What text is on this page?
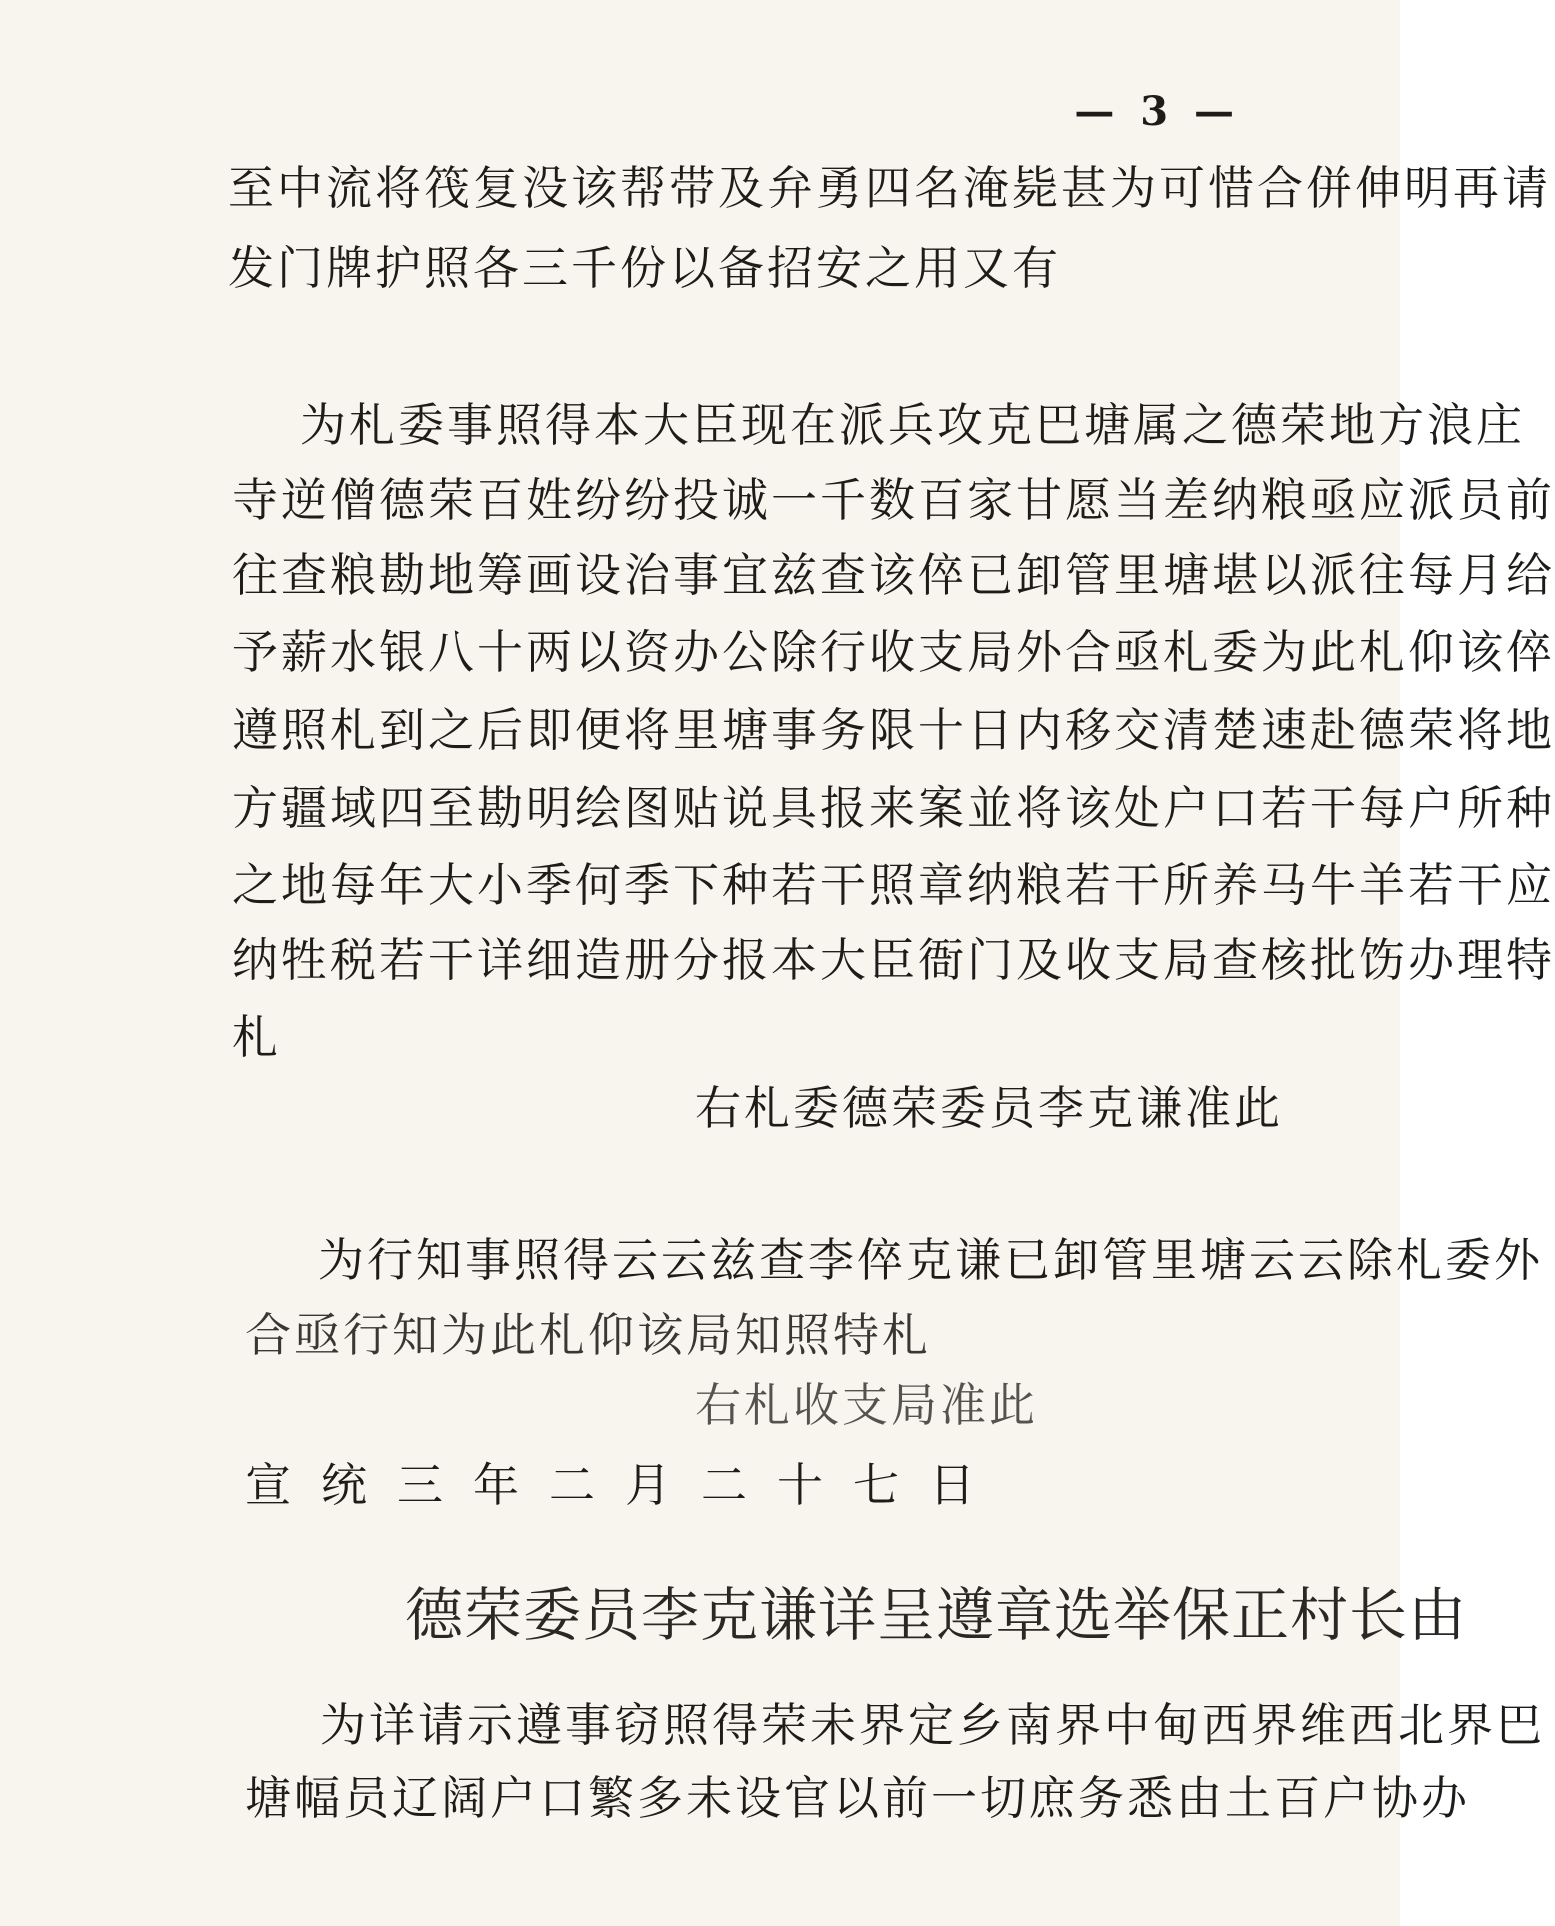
— 3 —
至中流将筏复没该帮带及弁勇四名淹毙甚为可惜合併伸明再请
发门牌护照各三千份以备招安之用又有
为札委事照得本大臣现在派兵攻克巴塘属之德荣地方浪庄
寺逆僧德荣百姓纷纷投诚一千数百家甘愿当差纳粮亟应派员前
往查粮勘地筹画设治事宜兹查该倅已卸管里塘堪以派往每月给
予薪水银八十两以资办公除行收支局外合亟札委为此札仰该倅
遵照札到之后即便将里塘事务限十日内移交清楚速赴德荣将地
方疆域四至勘明绘图贴说具报来案並将该处户口若干每户所种
之地每年大小季何季下种若干照章纳粮若干所养马牛羊若干应
纳牲税若干详细造册分报本大臣衙门及收支局查核批饬办理特
札
右札委德荣委员李克谦准此
为行知事照得云云兹查李倅克谦已卸管里塘云云除札委外
合亟行知为此札仰该局知照特札
右札收支局准此
宣统三年二月二十七日
德荣委员李克谦详呈遵章选举保正村长由
为详请示遵事窃照得荣未界定乡南界中甸西界维西北界巴
塘幅员辽阔户口繁多未设官以前一切庶务悉由土百户协办
